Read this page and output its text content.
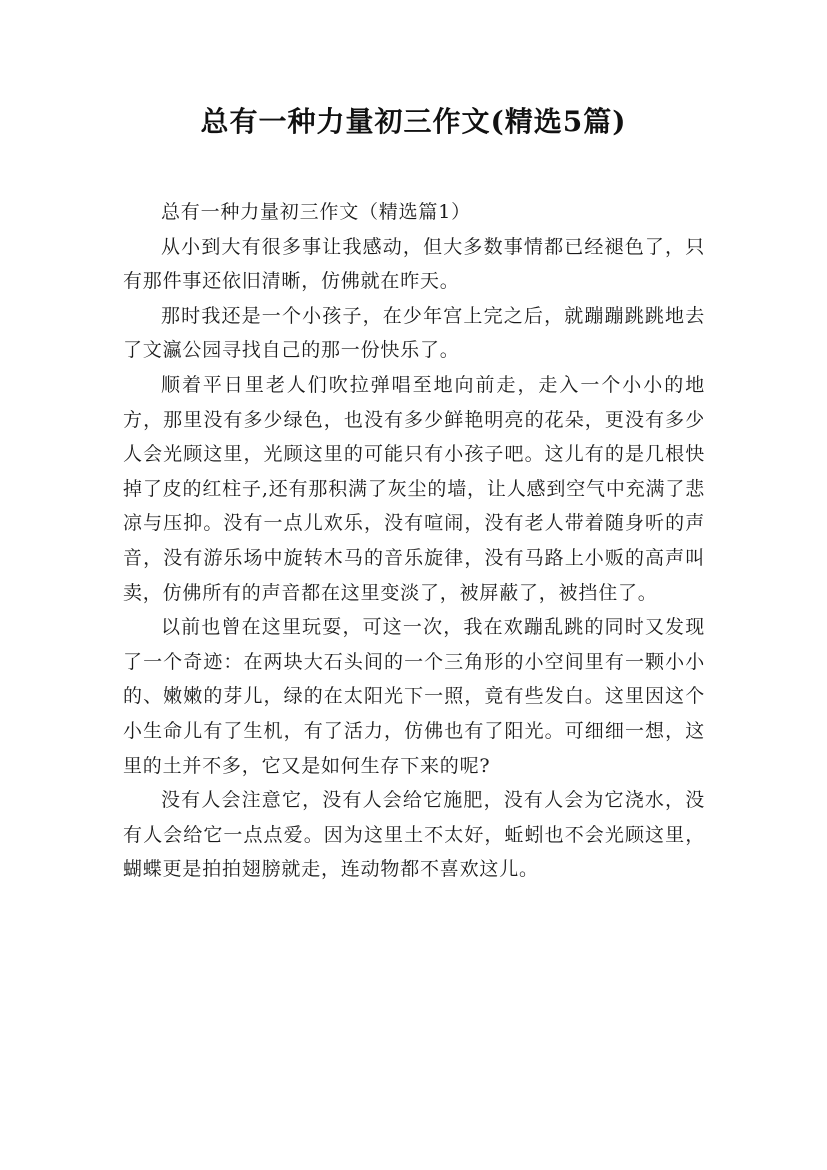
总有一种力量初三作文(精选5篇)

总有一种力量初三作文（精选篇1）

从小到大有很多事让我感动，但大多数事情都已经褪色了，只有那件事还依旧清晰，仿佛就在昨天。

那时我还是一个小孩子，在少年宫上完之后，就蹦蹦跳跳地去了文瀛公园寻找自己的那一份快乐了。

顺着平日里老人们吹拉弹唱至地向前走，走入一个小小的地方，那里没有多少绿色，也没有多少鲜艳明亮的花朵，更没有多少人会光顾这里，光顾这里的可能只有小孩子吧。这儿有的是几根快掉了皮的红柱子,还有那积满了灰尘的墙，让人感到空气中充满了悲凉与压抑。没有一点儿欢乐，没有喧闹，没有老人带着随身听的声音，没有游乐场中旋转木马的音乐旋律，没有马路上小贩的高声叫卖，仿佛所有的声音都在这里变淡了，被屏蔽了，被挡住了。

以前也曾在这里玩耍，可这一次，我在欢蹦乱跳的同时又发现了一个奇迹：在两块大石头间的一个三角形的小空间里有一颗小小的、嫩嫩的芽儿，绿的在太阳光下一照，竟有些发白。这里因这个小生命儿有了生机，有了活力，仿佛也有了阳光。可细细一想，这里的土并不多，它又是如何生存下来的呢?

没有人会注意它，没有人会给它施肥，没有人会为它浇水，没有人会给它一点点爱。因为这里土不太好，蚯蚓也不会光顾这里，蝴蝶更是拍拍翅膀就走，连动物都不喜欢这儿。
